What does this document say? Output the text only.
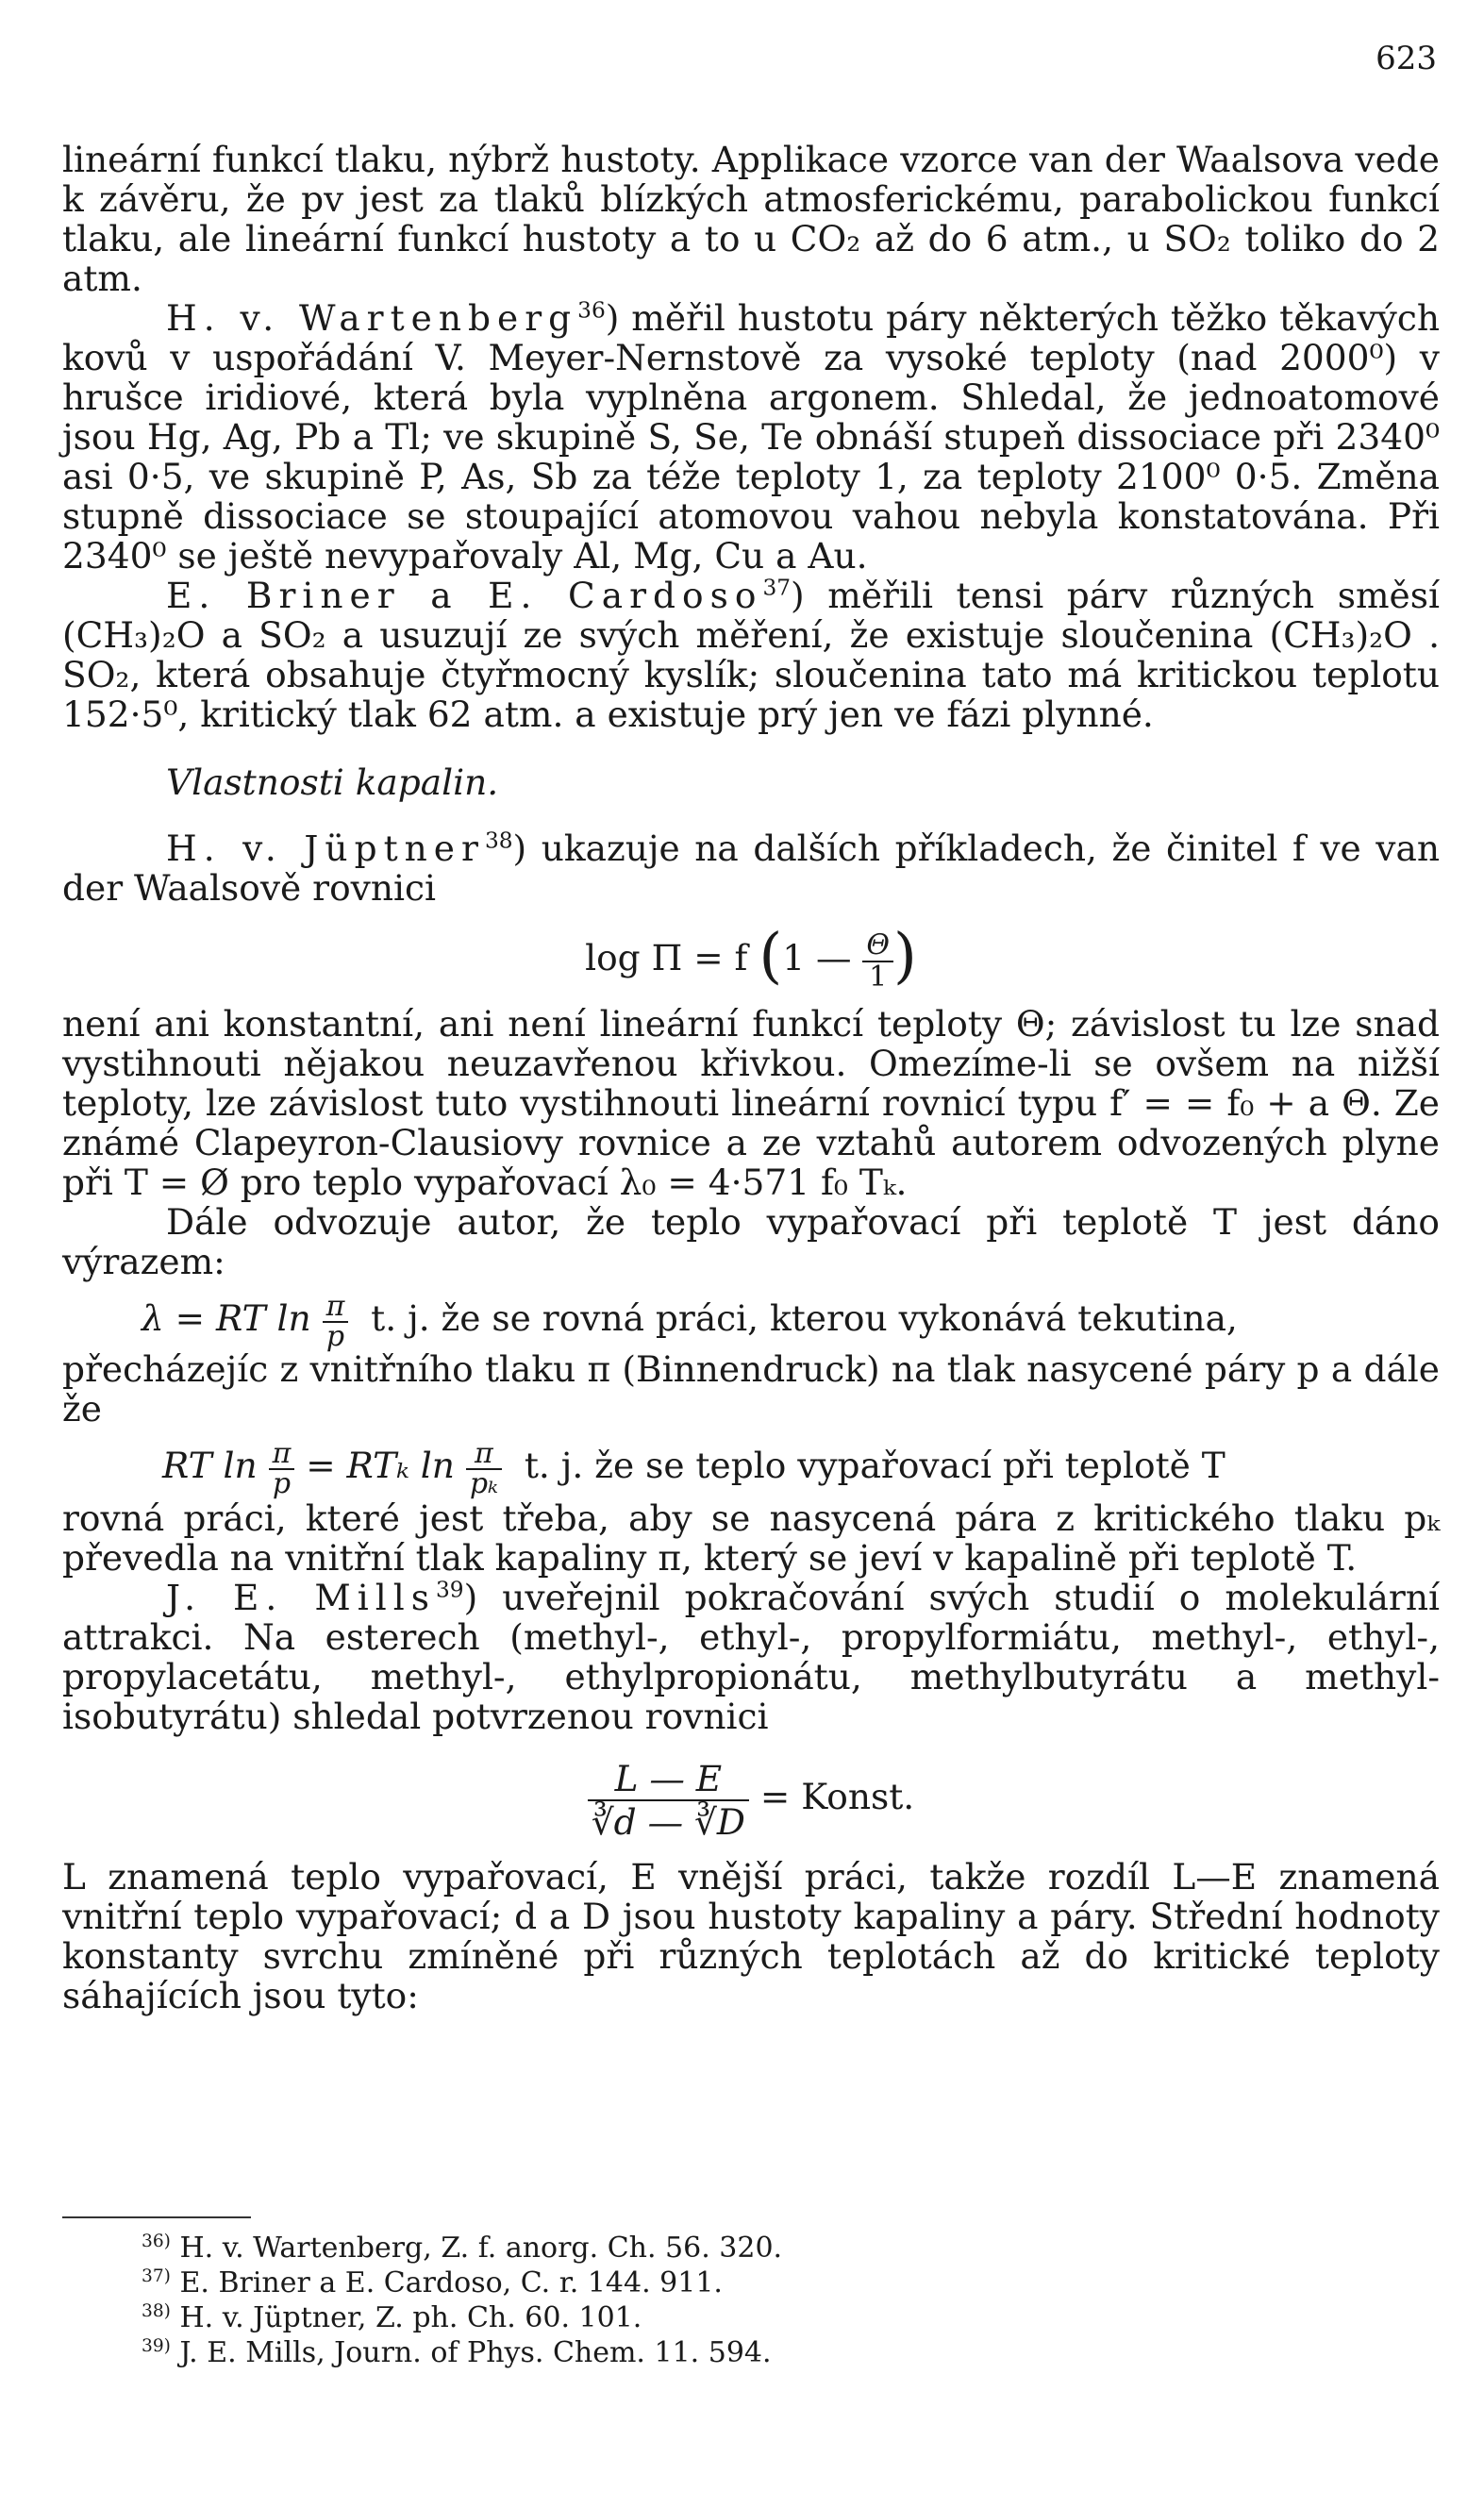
623

lineární funkcí tlaku, nýbrž hustoty. Applikace vzorce van der Waalsova vede k závěru, že pv jest za tlaků blízkých atmosferickému, parabolickou funkcí tlaku, ale lineární funkcí hustoty a to u CO₂ až do 6 atm., u SO₂ toliko do 2 atm.

H. v. Wartenberg$^{36}$) měřil hustotu páry některých těžko těkavých kovů v uspořádání V. Meyer-Nernstově za vysoké teploty (nad 2000⁰) v hrušce iridiové, která byla vyplněna argonem. Shledal, že jednoatomové jsou Hg, Ag, Pb a Tl; ve skupině S, Se, Te obnáší stupeň dissociace při 2340⁰ asi 0·5, ve skupině P, As, Sb za téže teploty 1, za teploty 2100⁰ 0·5. Změna stupně dissociace se stoupající atomovou vahou nebyla konstatována. Při 2340⁰ se ještě nevypařovaly Al, Mg, Cu a Au.

E. Briner a E. Cardoso$^{37}$) měřili tensi párv různých směsí (CH₃)₂O a SO₂ a usuzují ze svých měření, že existuje sloučenina (CH₃)₂O . SO₂, která obsahuje čtyřmocný kyslík; sloučenina tato má kritickou teplotu 152·5⁰, kritický tlak 62 atm. a existuje prý jen ve fázi plynné.

Vlastnosti kapalin.

H. v. Jüptner$^{38}$) ukazuje na dalších příkladech, že činitel f ve van der Waalsově rovnici

log Π = f (1 — $\frac{\Theta}{1}$ )

není ani konstantní, ani není lineární funkcí teploty Θ; závislost tu lze snad vystihnouti nějakou neuzavřenou křivkou. Omezíme-li se ovšem na nižší teploty, lze závislost tuto vystihnouti lineární rovnicí typu f′ = = f₀ + a Θ. Ze známé Clapeyron-Clausiovy rovnice a ze vztahů autorem odvozených plyne při T = Ø pro teplo vypařovací λ₀ = 4·571 f₀ Tₖ.

Dále odvozuje autor, že teplo vypařovací při teplotě T jest dáno výrazem:

λ = RT $\ln \frac{\pi}{p} t$. j. že se rovná práci, kterou vykonává tekutina,

přecházejíc z vnitřního tlaku π (Binnendruck) na tlak nasycené páry p a dále že

RT $\ln \frac{\pi}{p} = RT_k$ $\ln \frac{\pi}{\text{pₖ}} t$. j. že se teplo vypařovací při teplotě T

rovná práci, které jest třeba, aby se nasycená pára z kritického tlaku pₖ převedla na vnitřní tlak kapaliny π, který se jeví v kapalině při teplotě T.

J. E. Mills$^{39}$) uveřejnil pokračování svých studií o molekulární attrakci. Na esterech (methyl-, ethyl-, propylformiátu, methyl-, ethyl-, propylacetátu, methyl-, ethylpropionátu, methylbutyrátu a methyl-isobutyrátu) shledal potvrzenou rovnici

$\frac{L — E}{∛d — ∛D}$ = Konst.

L znamená teplo vypařovací, E vnější práci, takže rozdíl L—E znamená vnitřní teplo vypařovací; d a D jsou hustoty kapaliny a páry. Střední hodnoty konstanty svrchu zmíněné při různých teplotách až do kritické teploty sáhajících jsou tyto:

$^{36)}$ H. v. Wartenberg, Z. f. anorg. Ch. 56. 320.

$^{37)}$ E. Briner a E. Cardoso, C. r. 144. 911.

$^{38)}$ H. v. Jüptner, Z. ph. Ch. 60. 101.

$^{39)}$ J. E. Mills, Journ. of Phys. Chem. 11. 594.
